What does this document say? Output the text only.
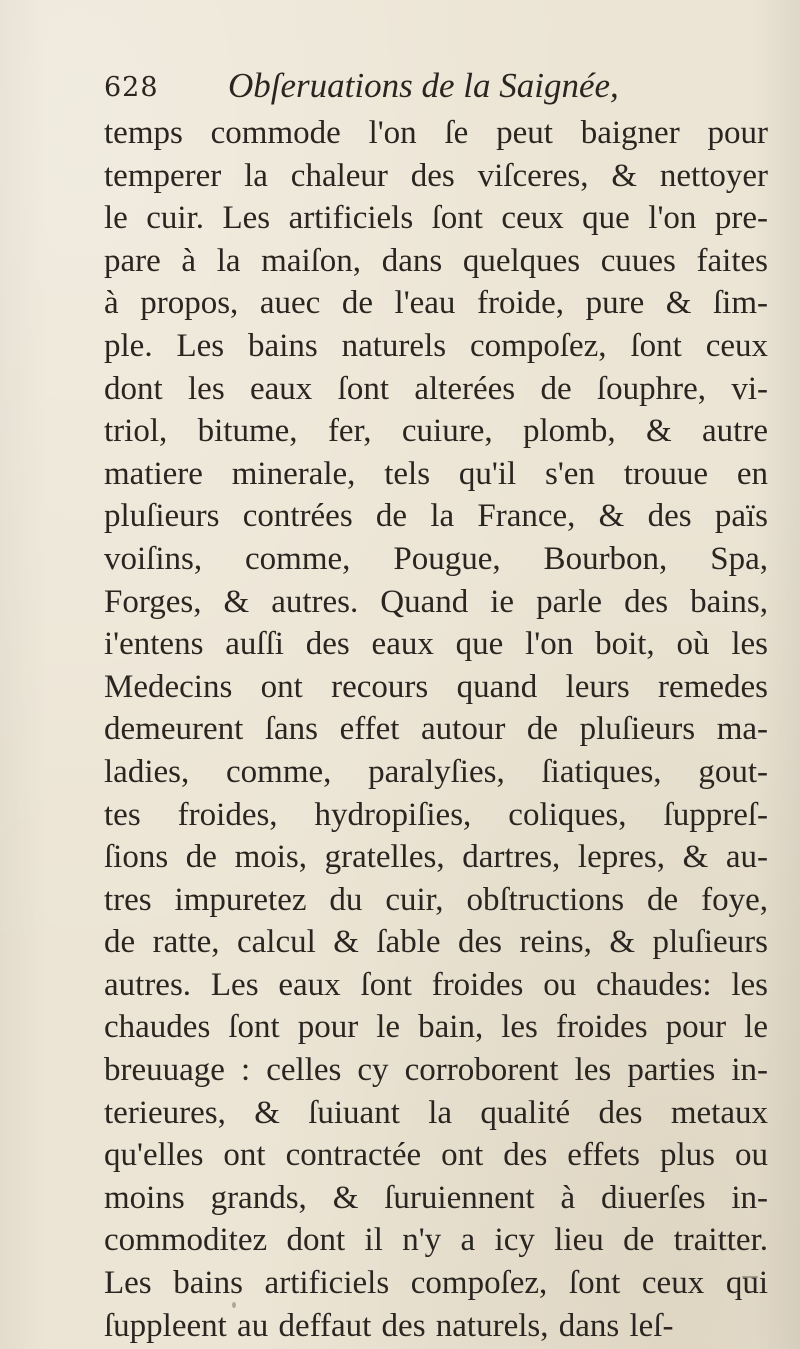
628 Obſeruations de la Saignée,
temps commode l'on ſe peut baigner pour
temperer la chaleur des viſceres, & nettoyer
le cuir. Les artificiels ſont ceux que l'on pre-
pare à la maiſon, dans quelques cuues faites
à propos, auec de l'eau froide, pure & ſim-
ple. Les bains naturels compoſez, ſont ceux
dont les eaux ſont alterées de ſouphre, vi-
triol, bitume, fer, cuiure, plomb, & autre
matiere minerale, tels qu'il s'en trouue en
pluſieurs contrées de la France, & des païs
voiſins, comme, Pougue, Bourbon, Spa,
Forges, & autres. Quand ie parle des bains,
i'entens auſſi des eaux que l'on boit, où les
Medecins ont recours quand leurs remedes
demeurent ſans effet autour de pluſieurs ma-
ladies, comme, paralyſies, ſiatiques, gout-
tes froides, hydropiſies, coliques, ſuppreſ-
ſions de mois, gratelles, dartres, lepres, & au-
tres impuretez du cuir, obſtructions de foye,
de ratte, calcul & ſable des reins, & pluſieurs
autres. Les eaux ſont froides ou chaudes: les
chaudes ſont pour le bain, les froides pour le
breuuage : celles cy corroborent les parties in-
terieures, & ſuiuant la qualité des metaux
qu'elles ont contractée ont des effets plus ou
moins grands, & ſuruiennent à diuerſes in-
commoditez dont il n'y a icy lieu de traitter.
Les bains artificiels compoſez, ſont ceux qui
ſuppleent au deffaut des naturels, dans leſ-
